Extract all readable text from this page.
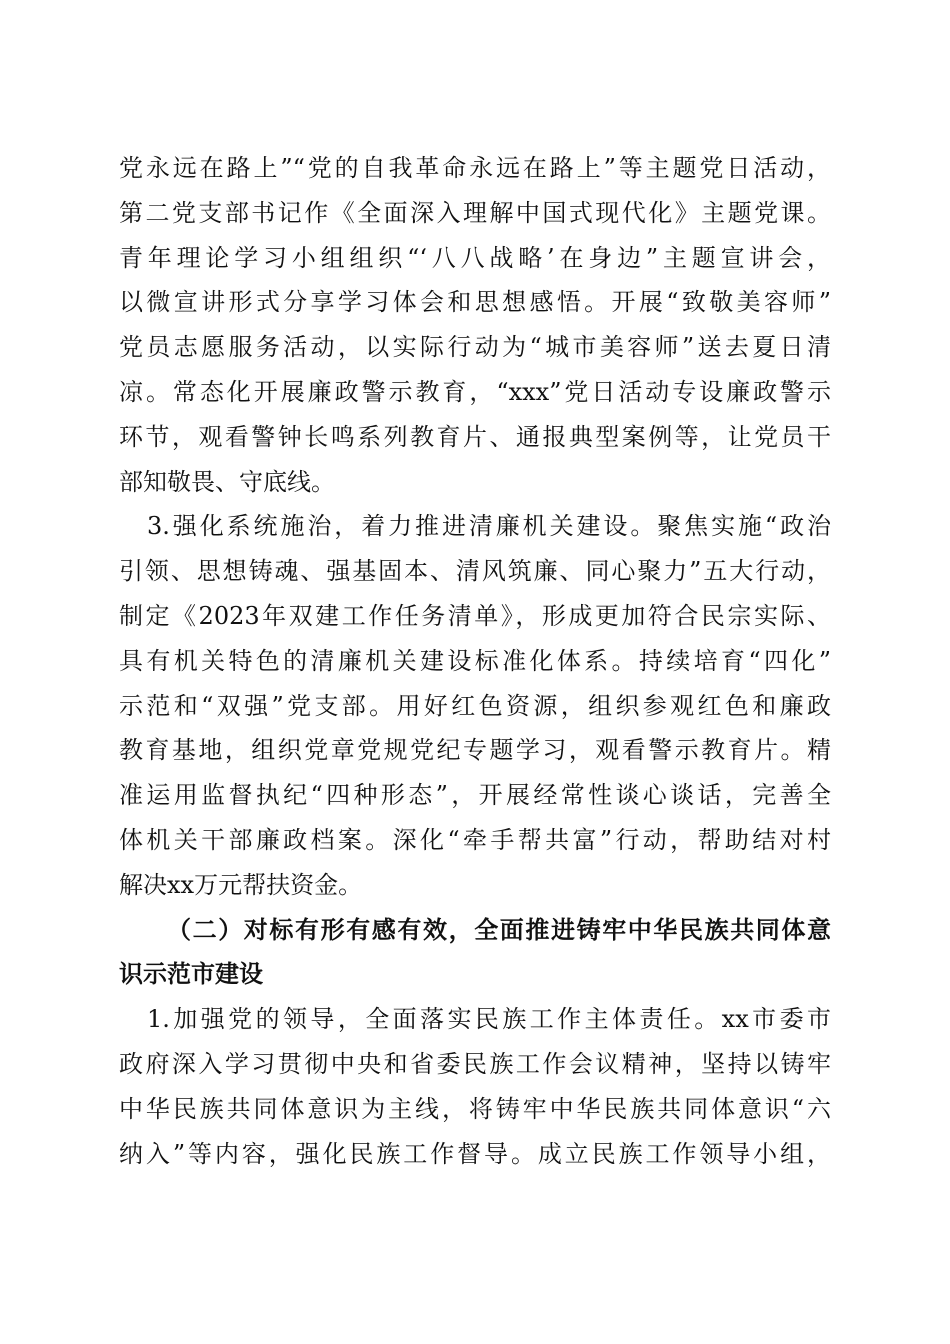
党永远在路上”“党的自我革命永远在路上”等主题党日活动，
第二党支部书记作《全面深入理解中国式现代化》主题党课。
青年理论学习小组组织“‘八八战略’在身边”主题宣讲会，
以微宣讲形式分享学习体会和思想感悟。开展“致敬美容师”
党员志愿服务活动，以实际行动为“城市美容师”送去夏日清
凉。常态化开展廉政警示教育，“xxx”党日活动专设廉政警示
环节，观看警钟长鸣系列教育片、通报典型案例等，让党员干
部知敬畏、守底线。
3.强化系统施治，着力推进清廉机关建设。聚焦实施“政治
引领、思想铸魂、强基固本、清风筑廉、同心聚力”五大行动，
制定《2023年双建工作任务清单》，形成更加符合民宗实际、
具有机关特色的清廉机关建设标准化体系。持续培育“四化”
示范和“双强”党支部。用好红色资源，组织参观红色和廉政
教育基地，组织党章党规党纪专题学习，观看警示教育片。精
准运用监督执纪“四种形态”，开展经常性谈心谈话，完善全
体机关干部廉政档案。深化“牵手帮共富”行动，帮助结对村
解决xx万元帮扶资金。
（二）对标有形有感有效，全面推进铸牢中华民族共同体意
识示范市建设
1.加强党的领导，全面落实民族工作主体责任。xx市委市
政府深入学习贯彻中央和省委民族工作会议精神，坚持以铸牢
中华民族共同体意识为主线，将铸牢中华民族共同体意识“六
纳入”等内容，强化民族工作督导。成立民族工作领导小组，
